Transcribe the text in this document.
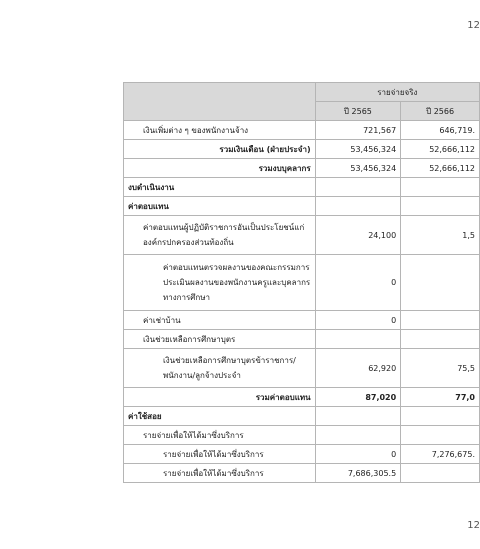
12
	รายจ่ายจริง	
	ปี 2565	ปี 2566
เงินเพิ่มต่าง ๆ ของพนักงานจ้าง	721,567	646,719.
รวมเงินเดือน (ฝ่ายประจำ)	53,456,324	52,666,112
รวมงบบุคลากร	53,456,324	52,666,112
งบดำเนินงาน		
ค่าตอบแทน		
ค่าตอบแทนผู้ปฏิบัติราชการอันเป็นประโยชน์แก่องค์กรปกครองส่วนท้องถิ่น	24,100	1,5
ค่าตอบแทนตรวจผลงานของคณะกรรมการประเมินผลงานของพนักงานครูและบุคลากรทางการศึกษา	0	
ค่าเช่าบ้าน	0	
เงินช่วยเหลือการศึกษาบุตร		
เงินช่วยเหลือการศึกษาบุตรข้าราชการ/พนักงาน/ลูกจ้างประจำ	62,920	75,5
รวมค่าตอบแทน	87,020	77,0
ค่าใช้สอย		
รายจ่ายเพื่อให้ได้มาซึ่งบริการ		
รายจ่ายเพื่อให้ได้มาซึ่งบริการ	0	7,276,675.
รายจ่ายเพื่อให้ได้มาซึ่งบริการ	7,686,305.5	
12
